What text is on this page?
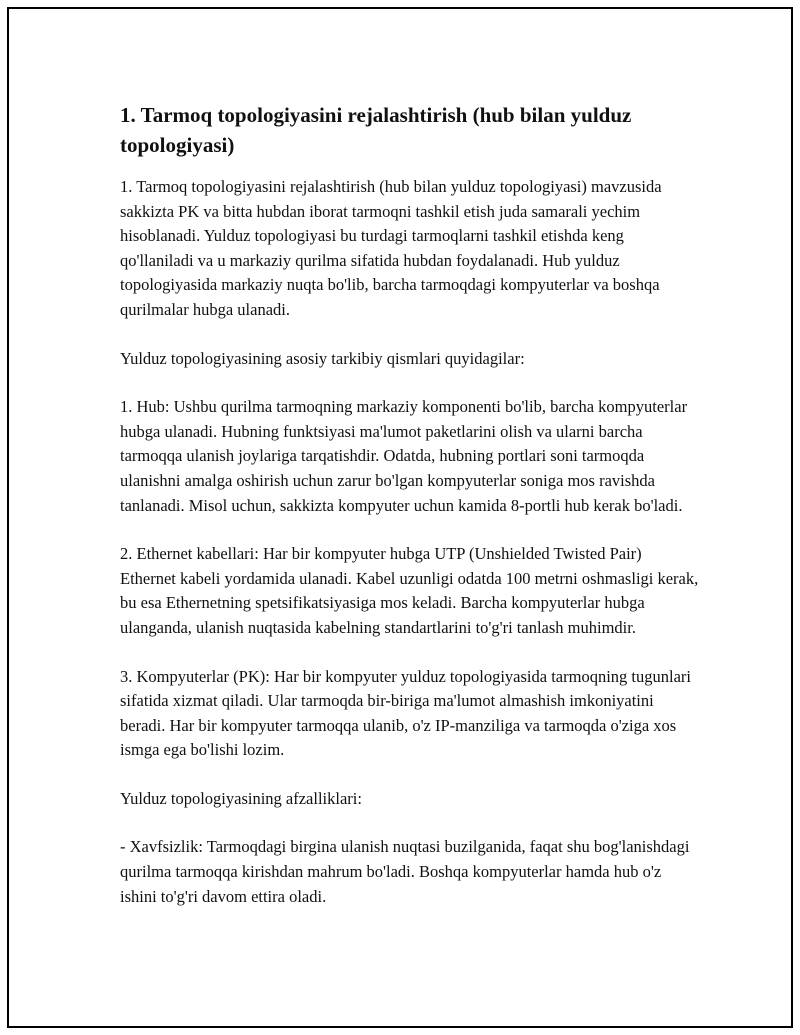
1. Tarmoq topologiyasini rejalashtirish (hub bilan yulduz topologiyasi)

1. Tarmoq topologiyasini rejalashtirish (hub bilan yulduz topologiyasi) mavzusida sakkizta PK va bitta hubdan iborat tarmoqni tashkil etish juda samarali yechim hisoblanadi. Yulduz topologiyasi bu turdagi tarmoqlarni tashkil etishda keng qo'llaniladi va u markaziy qurilma sifatida hubdan foydalanadi. Hub yulduz topologiyasida markaziy nuqta bo'lib, barcha tarmoqdagi kompyuterlar va boshqa qurilmalar hubga ulanadi.

Yulduz topologiyasining asosiy tarkibiy qismlari quyidagilar:

1. Hub: Ushbu qurilma tarmoqning markaziy komponenti bo'lib, barcha kompyuterlar hubga ulanadi. Hubning funktsiyasi ma'lumot paketlarini olish va ularni barcha tarmoqqa ulanish joylariga tarqatishdir. Odatda, hubning portlari soni tarmoqda ulanishni amalga oshirish uchun zarur bo'lgan kompyuterlar soniga mos ravishda tanlanadi. Misol uchun, sakkizta kompyuter uchun kamida 8-portli hub kerak bo'ladi.

2. Ethernet kabellari: Har bir kompyuter hubga UTP (Unshielded Twisted Pair) Ethernet kabeli yordamida ulanadi. Kabel uzunligi odatda 100 metrni oshmasligi kerak, bu esa Ethernetning spetsifikatsiyasiga mos keladi. Barcha kompyuterlar hubga ulanganda, ulanish nuqtasida kabelning standartlarini to'g'ri tanlash muhimdir.

3. Kompyuterlar (PK): Har bir kompyuter yulduz topologiyasida tarmoqning tugunlari sifatida xizmat qiladi. Ular tarmoqda bir-biriga ma'lumot almashish imkoniyatini beradi. Har bir kompyuter tarmoqqa ulanib, o'z IP-manziliga va tarmoqda o'ziga xos ismga ega bo'lishi lozim.

Yulduz topologiyasining afzalliklari:

- Xavfsizlik: Tarmoqdagi birgina ulanish nuqtasi buzilganida, faqat shu bog'lanishdagi qurilma tarmoqqa kirishdan mahrum bo'ladi. Boshqa kompyuterlar hamda hub o'z ishini to'g'ri davom ettira oladi.
